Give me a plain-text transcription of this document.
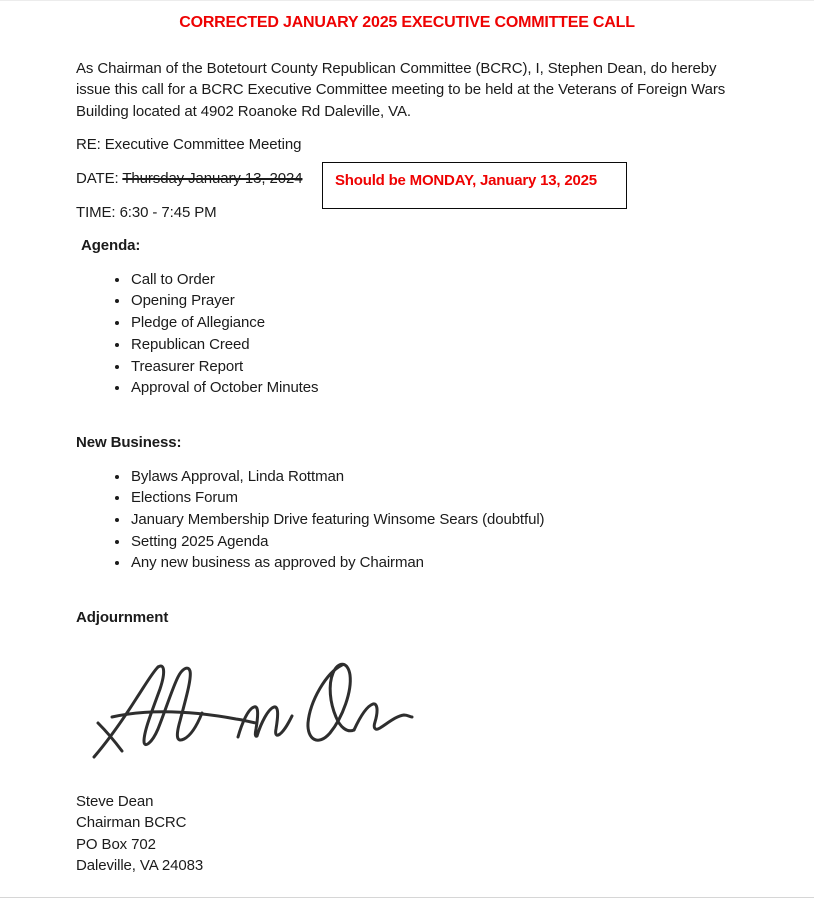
CORRECTED JANUARY 2025 EXECUTIVE COMMITTEE CALL

As Chairman of the Botetourt County Republican Committee (BCRC), I, Stephen Dean, do hereby issue this call for a BCRC Executive Committee meeting to be held at the Veterans of Foreign Wars Building located at 4902 Roanoke Rd Daleville, VA.

RE: Executive Committee Meeting
DATE: Thursday January 13, 2024
TIME: 6:30 - 7:45 PM
Agenda:
• Call to Order
• Opening Prayer
• Pledge of Allegiance
• Republican Creed
• Treasurer Report
• Approval of October Minutes
New Business:
• Bylaws Approval, Linda Rottman
• Elections Forum
• January Membership Drive featuring Winsome Sears (doubtful)
• Setting 2025 Agenda
• Any new business as approved by Chairman
Adjournment
Steve Dean
Chairman BCRC
PO Box 702
Daleville, VA 24083
Should be MONDAY, January 13, 2025
